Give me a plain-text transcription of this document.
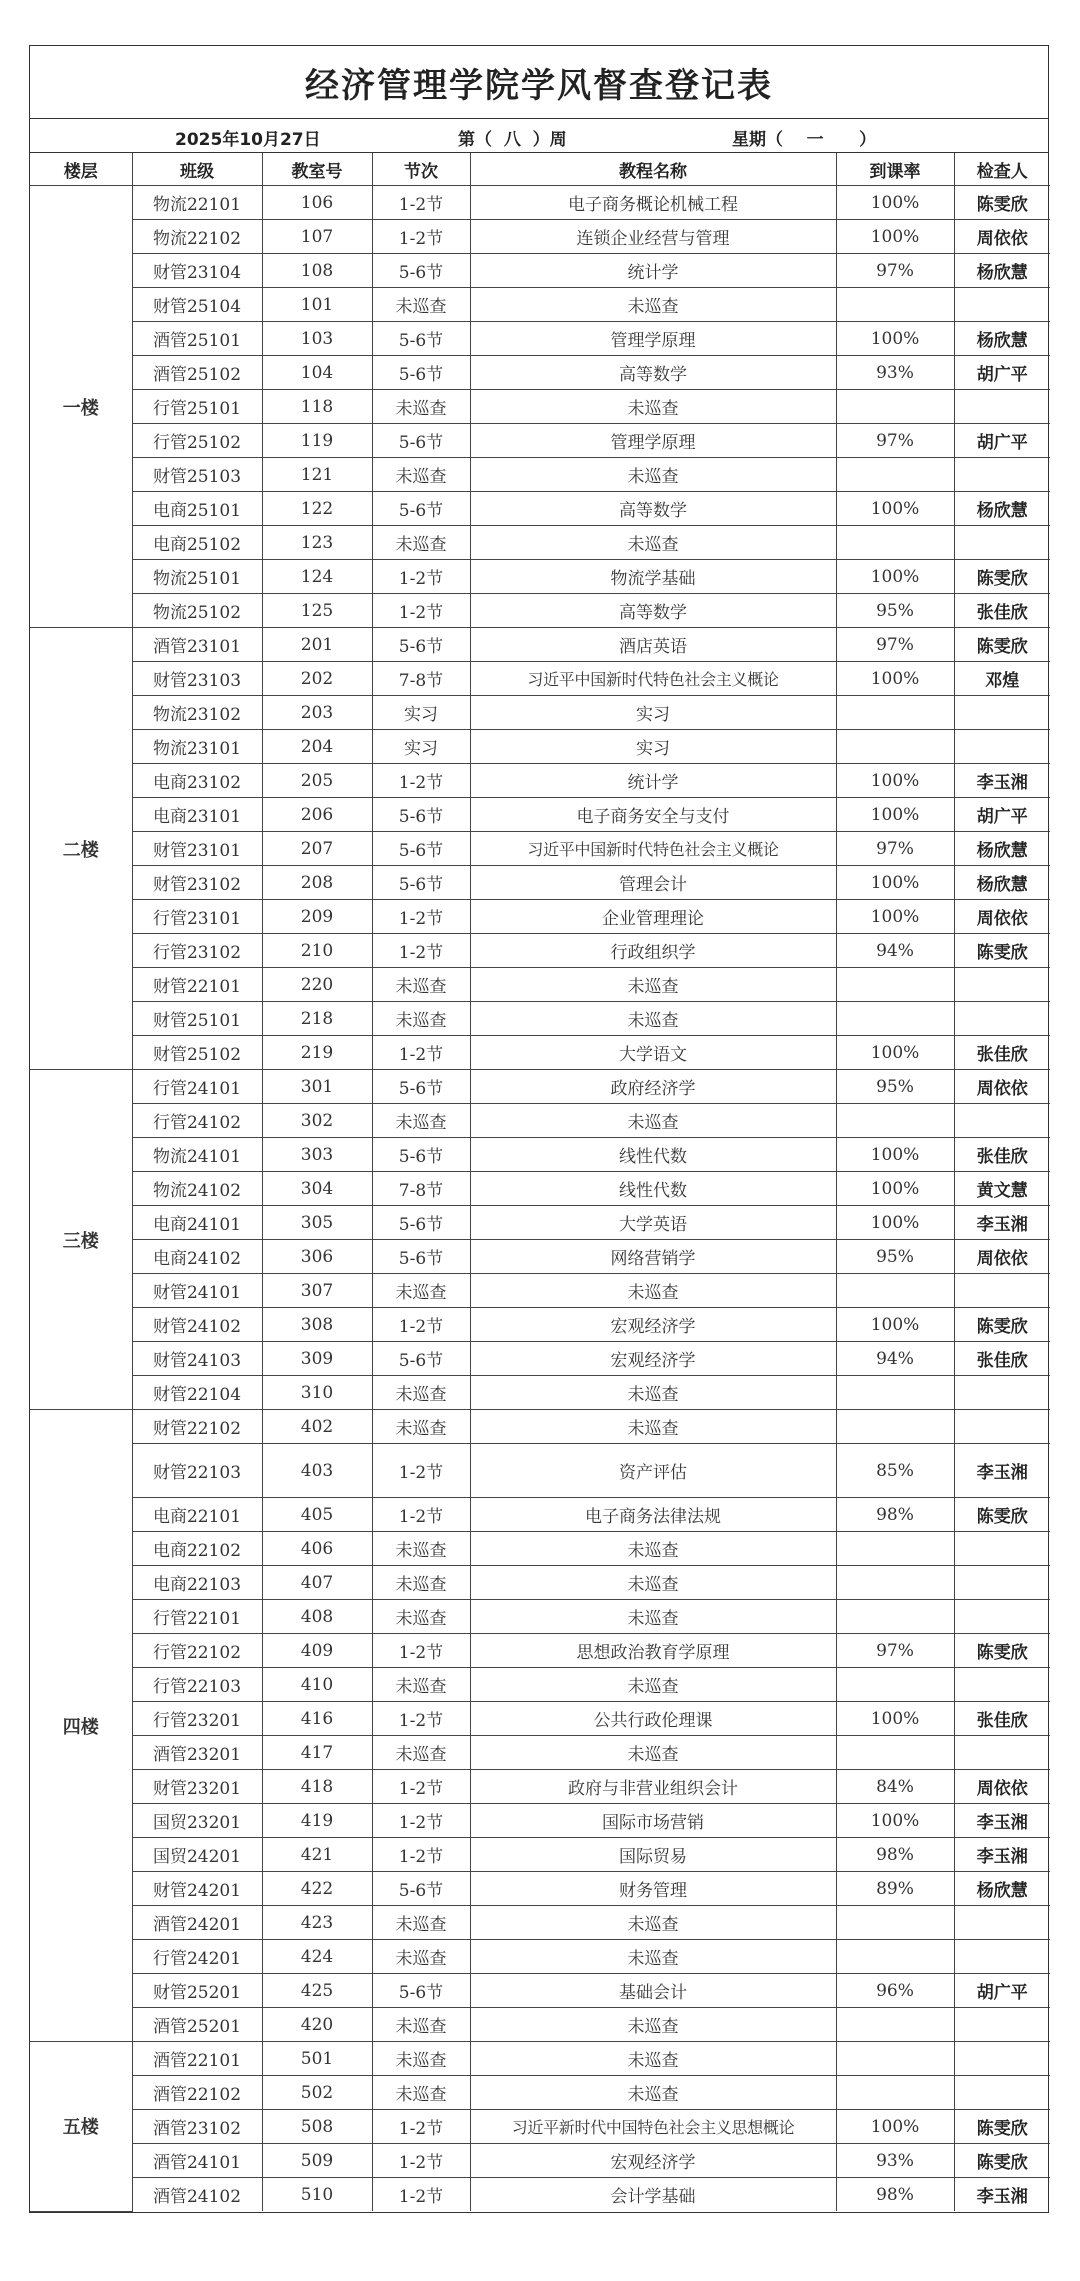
经济管理学院学风督查登记表
2025年10月27日	第（  八  ）周	星期（    一      ）
楼层	班级	教室号	节次	教程名称	到课率	检查人
一楼	物流22101	106	1-2节	电子商务概论机械工程	100%	陈雯欣
	物流22102	107	1-2节	连锁企业经营与管理	100%	周依依
	财管23104	108	5-6节	统计学	97%	杨欣慧
	财管25104	101	未巡查	未巡查		
	酒管25101	103	5-6节	管理学原理	100%	杨欣慧
	酒管25102	104	5-6节	高等数学	93%	胡广平
	行管25101	118	未巡查	未巡查		
	行管25102	119	5-6节	管理学原理	97%	胡广平
	财管25103	121	未巡查	未巡查		
	电商25101	122	5-6节	高等数学	100%	杨欣慧
	电商25102	123	未巡查	未巡查		
	物流25101	124	1-2节	物流学基础	100%	陈雯欣
	物流25102	125	1-2节	高等数学	95%	张佳欣
二楼	酒管23101	201	5-6节	酒店英语	97%	陈雯欣
	财管23103	202	7-8节	习近平中国新时代特色社会主义概论	100%	邓煌
	物流23102	203	实习	实习		
	物流23101	204	实习	实习		
	电商23102	205	1-2节	统计学	100%	李玉湘
	电商23101	206	5-6节	电子商务安全与支付	100%	胡广平
	财管23101	207	5-6节	习近平中国新时代特色社会主义概论	97%	杨欣慧
	财管23102	208	5-6节	管理会计	100%	杨欣慧
	行管23101	209	1-2节	企业管理理论	100%	周依依
	行管23102	210	1-2节	行政组织学	94%	陈雯欣
	财管22101	220	未巡查	未巡查		
	财管25101	218	未巡查	未巡查		
	财管25102	219	1-2节	大学语文	100%	张佳欣
三楼	行管24101	301	5-6节	政府经济学	95%	周依依
	行管24102	302	未巡查	未巡查		
	物流24101	303	5-6节	线性代数	100%	张佳欣
	物流24102	304	7-8节	线性代数	100%	黄文慧
	电商24101	305	5-6节	大学英语	100%	李玉湘
	电商24102	306	5-6节	网络营销学	95%	周依依
	财管24101	307	未巡查	未巡查		
	财管24102	308	1-2节	宏观经济学	100%	陈雯欣
	财管24103	309	5-6节	宏观经济学	94%	张佳欣
	财管22104	310	未巡查	未巡查		
四楼	财管22102	402	未巡查	未巡查		
	财管22103	403	1-2节	资产评估	85%	李玉湘
	电商22101	405	1-2节	电子商务法律法规	98%	陈雯欣
	电商22102	406	未巡查	未巡查		
	电商22103	407	未巡查	未巡查		
	行管22101	408	未巡查	未巡查		
	行管22102	409	1-2节	思想政治教育学原理	97%	陈雯欣
	行管22103	410	未巡查	未巡查		
	行管23201	416	1-2节	公共行政伦理课	100%	张佳欣
	酒管23201	417	未巡查	未巡查		
	财管23201	418	1-2节	政府与非营业组织会计	84%	周依依
	国贸23201	419	1-2节	国际市场营销	100%	李玉湘
	国贸24201	421	1-2节	国际贸易	98%	李玉湘
	财管24201	422	5-6节	财务管理	89%	杨欣慧
	酒管24201	423	未巡查	未巡查		
	行管24201	424	未巡查	未巡查		
	财管25201	425	5-6节	基础会计	96%	胡广平
	酒管25201	420	未巡查	未巡查		
五楼	酒管22101	501	未巡查	未巡查		
	酒管22102	502	未巡查	未巡查		
	酒管23102	508	1-2节	习近平新时代中国特色社会主义思想概论	100%	陈雯欣
	酒管24101	509	1-2节	宏观经济学	93%	陈雯欣
	酒管24102	510	1-2节	会计学基础	98%	李玉湘
